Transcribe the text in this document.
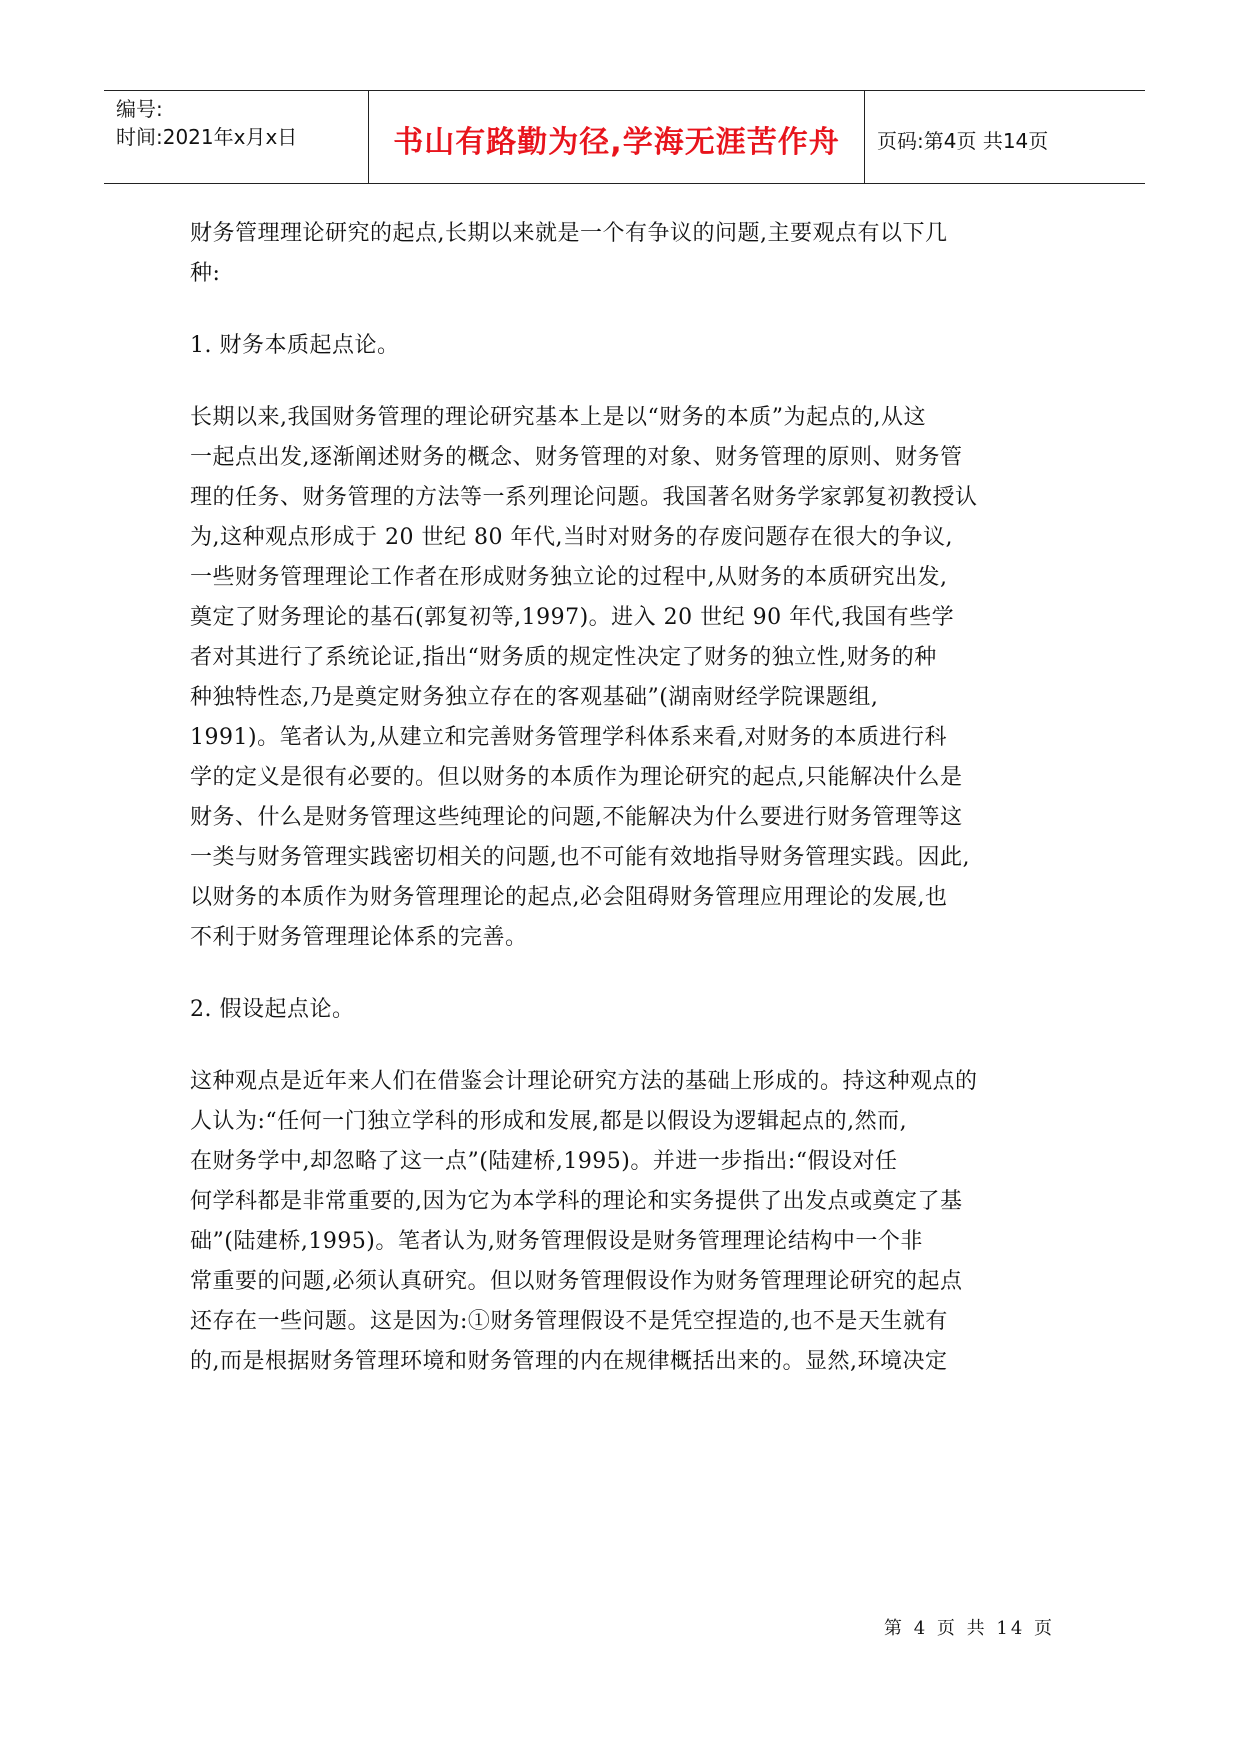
编号:
时间:2021年x月x日	书山有路勤为径,学海无涯苦作舟	页码:第4页 共14页
财务管理理论研究的起点,长期以来就是一个有争议的问题,主要观点有以下几
种:
1. 财务本质起点论。
长期以来,我国财务管理的理论研究基本上是以“财务的本质”为起点的,从这
一起点出发,逐渐阐述财务的概念、财务管理的对象、财务管理的原则、财务管
理的任务、财务管理的方法等一系列理论问题。我国著名财务学家郭复初教授认
为,这种观点形成于 20 世纪 80 年代,当时对财务的存废问题存在很大的争议,
一些财务管理理论工作者在形成财务独立论的过程中,从财务的本质研究出发,
奠定了财务理论的基石(郭复初等,1997)。进入 20 世纪 90 年代,我国有些学
者对其进行了系统论证,指出“财务质的规定性决定了财务的独立性,财务的种
种独特性态,乃是奠定财务独立存在的客观基础”(湖南财经学院课题组,
1991)。笔者认为,从建立和完善财务管理学科体系来看,对财务的本质进行科
学的定义是很有必要的。但以财务的本质作为理论研究的起点,只能解决什么是
财务、什么是财务管理这些纯理论的问题,不能解决为什么要进行财务管理等这
一类与财务管理实践密切相关的问题,也不可能有效地指导财务管理实践。因此,
以财务的本质作为财务管理理论的起点,必会阻碍财务管理应用理论的发展,也
不利于财务管理理论体系的完善。
2. 假设起点论。
这种观点是近年来人们在借鉴会计理论研究方法的基础上形成的。持这种观点的
人认为:“任何一门独立学科的形成和发展,都是以假设为逻辑起点的,然而,
在财务学中,却忽略了这一点”(陆建桥,1995)。并进一步指出:“假设对任
何学科都是非常重要的,因为它为本学科的理论和实务提供了出发点或奠定了基
础”(陆建桥,1995)。笔者认为,财务管理假设是财务管理理论结构中一个非
常重要的问题,必须认真研究。但以财务管理假设作为财务管理理论研究的起点
还存在一些问题。这是因为:①财务管理假设不是凭空捏造的,也不是天生就有
的,而是根据财务管理环境和财务管理的内在规律概括出来的。显然,环境决定
第 4 页 共 14 页
